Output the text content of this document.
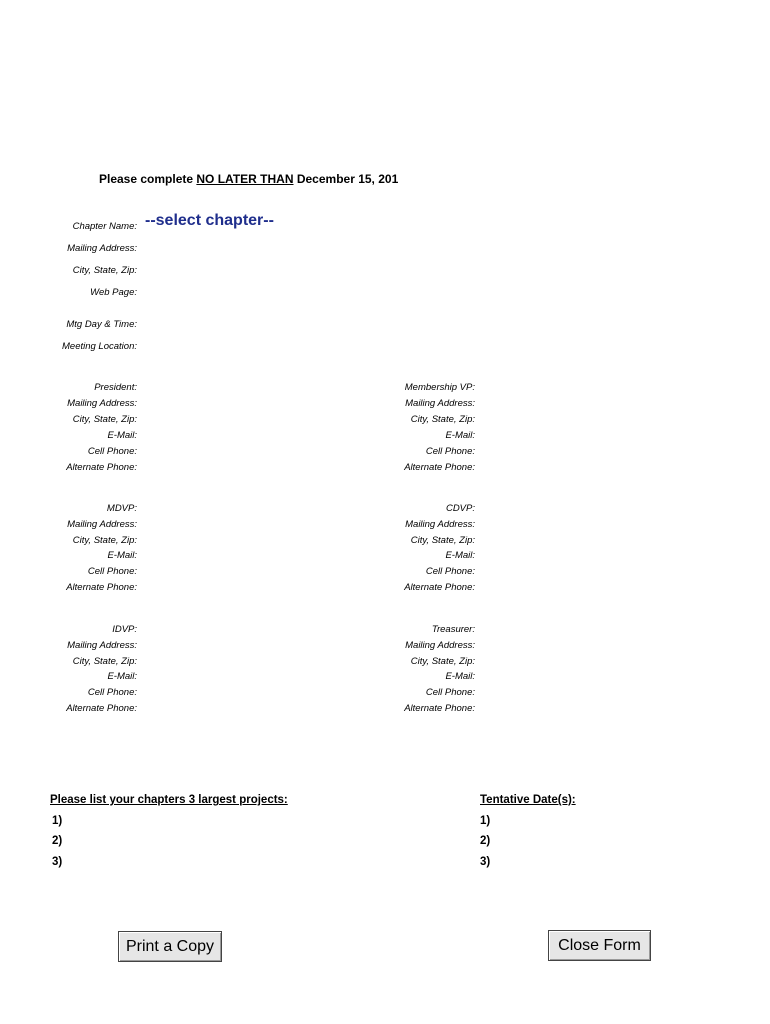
Please complete NO LATER THAN December 15, 201
Chapter Name: --select chapter--
Mailing Address:
City, State, Zip:
Web Page:
Mtg Day & Time:
Meeting Location:
President:
Mailing Address:
City, State, Zip:
E-Mail:
Cell Phone:
Alternate Phone:
Membership VP:
Mailing Address:
City, State, Zip:
E-Mail:
Cell Phone:
Alternate Phone:
MDVP:
Mailing Address:
City, State, Zip:
E-Mail:
Cell Phone:
Alternate Phone:
CDVP:
Mailing Address:
City, State, Zip:
E-Mail:
Cell Phone:
Alternate Phone:
IDVP:
Mailing Address:
City, State, Zip:
E-Mail:
Cell Phone:
Alternate Phone:
Treasurer:
Mailing Address:
City, State, Zip:
E-Mail:
Cell Phone:
Alternate Phone:
Please list your chapters 3 largest projects:
1)
2)
3)
Tentative Date(s):
1)
2)
3)
Print a Copy	Close Form
